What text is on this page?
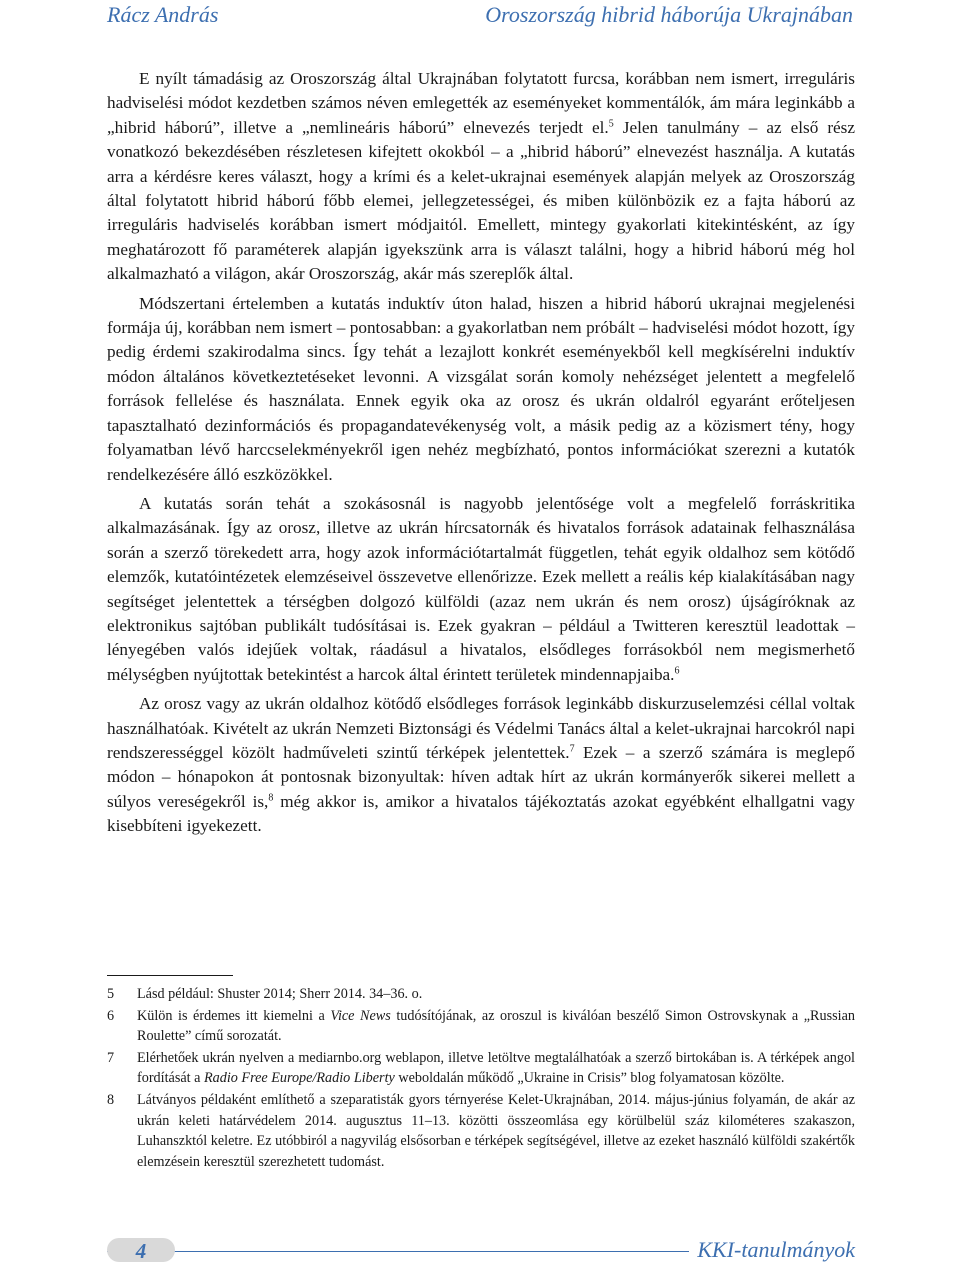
Rácz András	Oroszország hibrid háborúja Ukrajnában

E nyílt támadásig az Oroszország által Ukrajnában folytatott furcsa, korábban nem ismert, irreguláris hadviselési módot kezdetben számos néven emlegették az eseményeket kommentálók, ám mára leginkább a „hibrid háború”, illetve a „nemlineáris háború” elnevezés terjedt el.$^5$ Jelen tanulmány – az első rész vonatkozó bekezdésében részletesen kifejtett okokból – a „hibrid háború” elnevezést használja. A kutatás arra a kérdésre keres választ, hogy a krími és a kelet-ukrajnai események alapján melyek az Oroszország által folytatott hibrid háború főbb elemei, jellegzetességei, és miben különbözik ez a fajta háború az irreguláris hadviselés korábban ismert módjaitól. Emellett, mintegy gyakorlati kitekintésként, az így meghatározott fő paraméterek alapján igyekszünk arra is választ találni, hogy a hibrid háború még hol alkalmazható a világon, akár Oroszország, akár más szereplők által.

Módszertani értelemben a kutatás induktív úton halad, hiszen a hibrid háború ukrajnai megjelenési formája új, korábban nem ismert – pontosabban: a gyakorlatban nem próbált – hadviselési módot hozott, így pedig érdemi szakirodalma sincs. Így tehát a lezajlott konkrét eseményekből kell megkísérelni induktív módon általános következtetéseket levonni. A vizsgálat során komoly nehézséget jelentett a megfelelő források fellelése és használata. Ennek egyik oka az orosz és ukrán oldalról egyaránt erőteljesen tapasztalható dezinformációs és propagandatevékenység volt, a másik pedig az a közismert tény, hogy folyamatban lévő harccselekményekről igen nehéz megbízható, pontos információkat szerezni a kutatók rendelkezésére álló eszközökkel.

A kutatás során tehát a szokásosnál is nagyobb jelentősége volt a megfelelő forráskritika alkalmazásának. Így az orosz, illetve az ukrán hírcsatornák és hivatalos források adatainak felhasználása során a szerző törekedett arra, hogy azok információtartalmát független, tehát egyik oldalhoz sem kötődő elemzők, kutatóintézetek elemzéseivel összevetve ellenőrizze. Ezek mellett a reális kép kialakításában nagy segítséget jelentettek a térségben dolgozó külföldi (azaz nem ukrán és nem orosz) újságíróknak az elektronikus sajtóban publikált tudósításai is. Ezek gyakran – például a Twitteren keresztül leadottak – lényegében valós idejűek voltak, ráadásul a hivatalos, elsődleges forrásokból nem megismerhető mélységben nyújtottak betekintést a harcok által érintett területek mindennapjaiba.$^6$

Az orosz vagy az ukrán oldalhoz kötődő elsődleges források leginkább diskurzuselemzési céllal voltak használhatóak. Kivételt az ukrán Nemzeti Biztonsági és Védelmi Tanács által a kelet-ukrajnai harcokról napi rendszerességgel közölt hadműveleti szintű térképek jelentettek.$^7$ Ezek – a szerző számára is meglepő módon – hónapokon át pontosnak bizonyultak: híven adtak hírt az ukrán kormányerők sikerei mellett a súlyos vereségekről is,$^8$ még akkor is, amikor a hivatalos tájékoztatás azokat egyébként elhallgatni vagy kisebbíteni igyekezett.

5	Lásd például: Shuster 2014; Sherr 2014. 34–36. o.
6	Külön is érdemes itt kiemelni a Vice News tudósítójának, az oroszul is kiválóan beszélő Simon Ostrovskynak a „Russian Roulette” című sorozatát.
7	Elérhetőek ukrán nyelven a mediarnbo.org weblapon, illetve letöltve megtalálhatóak a szerző birtokában is. A térképek angol fordítását a Radio Free Europe/Radio Liberty weboldalán működő „Ukraine in Crisis” blog folyamatosan közölte.
8	Látványos példaként említhető a szeparatisták gyors térnyerése Kelet-Ukrajnában, 2014. május-június folyamán, de akár az ukrán keleti határvédelem 2014. augusztus 11–13. közötti összeomlása egy körülbelül száz kilométeres szakaszon, Luhanszktól keletre. Ez utóbbiról a nagyvilág elsősorban e térképek segítségével, illetve az ezeket használó külföldi szakértők elemzésein keresztül szerezhetett tudomást.
4	KKI-tanulmányok
